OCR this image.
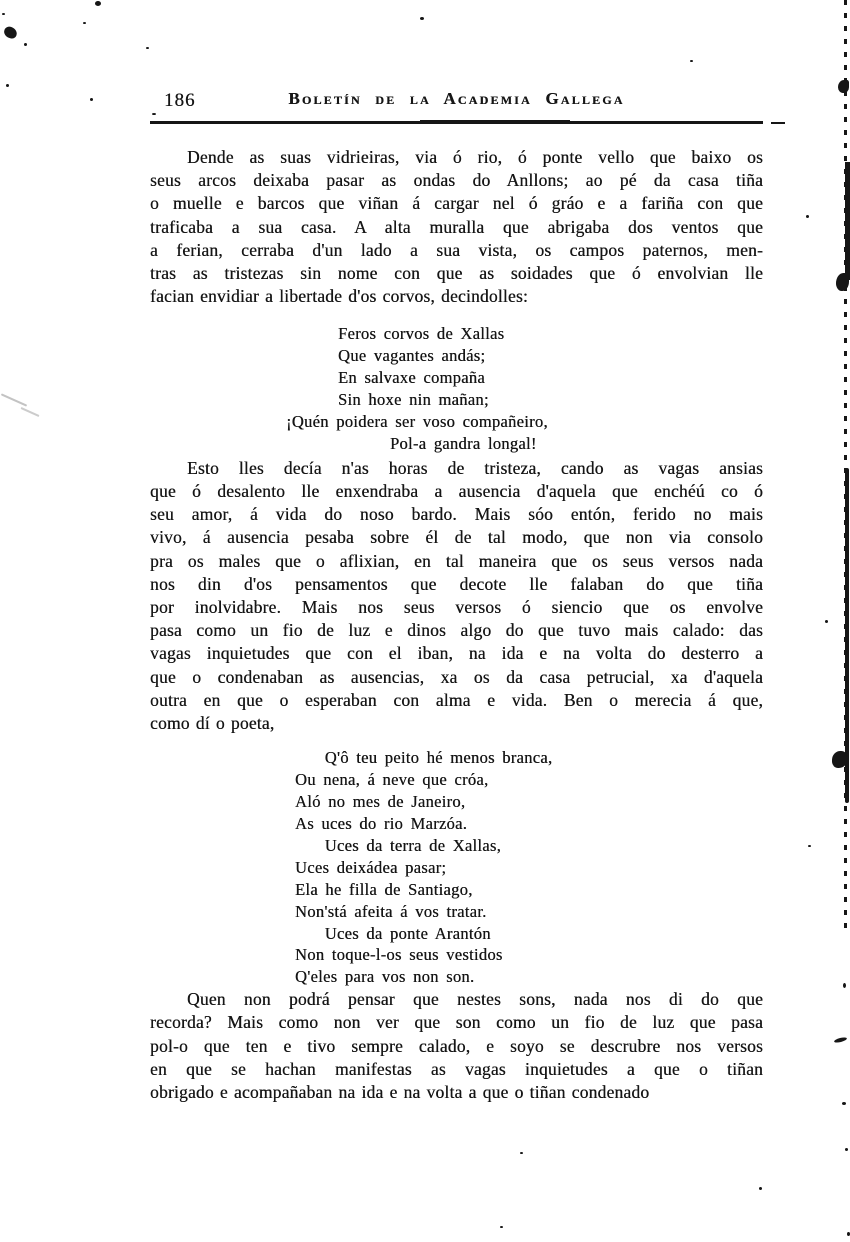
186	Boletín de la Academia Gallega
Dende as suas vidrieiras, via ó rio, ó ponte vello que baixo os
seus arcos deixaba pasar as ondas do Anllons; ao pé da casa tiña
o muelle e barcos que viñan á cargar nel ó gráo e a fariña con que
traficaba a sua casa. A alta muralla que abrigaba dos ventos que
a ferian, cerraba d'un lado a sua vista, os campos paternos, men-
tras as tristezas sin nome con que as soidades que ó envolvian lle
facian envidiar a libertade d'os corvos, decindolles:
Feros corvos de Xallas
Que vagantes andás;
En salvaxe compaña
Sin hoxe nin mañan;
¡Quén poidera ser voso compañeiro,
Pol-a gandra longal!
Esto lles decía n'as horas de tristeza, cando as vagas ansias
que ó desalento lle enxendraba a ausencia d'aquela que enchéú co ó
seu amor, á vida do noso bardo. Mais sóo entón, ferido no mais
vivo, á ausencia pesaba sobre él de tal modo, que non via consolo
pra os males que o aflixian, en tal maneira que os seus versos nada
nos din d'os pensamentos que decote lle falaban do que tiña
por inolvidabre. Mais nos seus versos ó siencio que os envolve
pasa como un fio de luz e dinos algo do que tuvo mais calado: das
vagas inquietudes que con el iban, na ida e na volta do desterro a
que o condenaban as ausencias, xa os da casa petrucial, xa d'aquela
outra en que o esperaban con alma e vida. Ben o merecia á que,
como dí o poeta,
Q'ô teu peito hé menos branca,
Ou nena, á neve que cróa,
Aló no mes de Janeiro,
As uces do rio Marzóa.
Uces da terra de Xallas,
Uces deixádea pasar;
Ela he filla de Santiago,
Non'stá afeita á vos tratar.
Uces da ponte Arantón
Non toque-l-os seus vestidos
Q'eles para vos non son.
Quen non podrá pensar que nestes sons, nada nos di do que
recorda? Mais como non ver que son como un fio de luz que pasa
pol-o que ten e tivo sempre calado, e soyo se descrubre nos versos
en que se hachan manifestas as vagas inquietudes a que o tiñan
obrigado e acompañaban na ida e na volta a que o tiñan condenado
